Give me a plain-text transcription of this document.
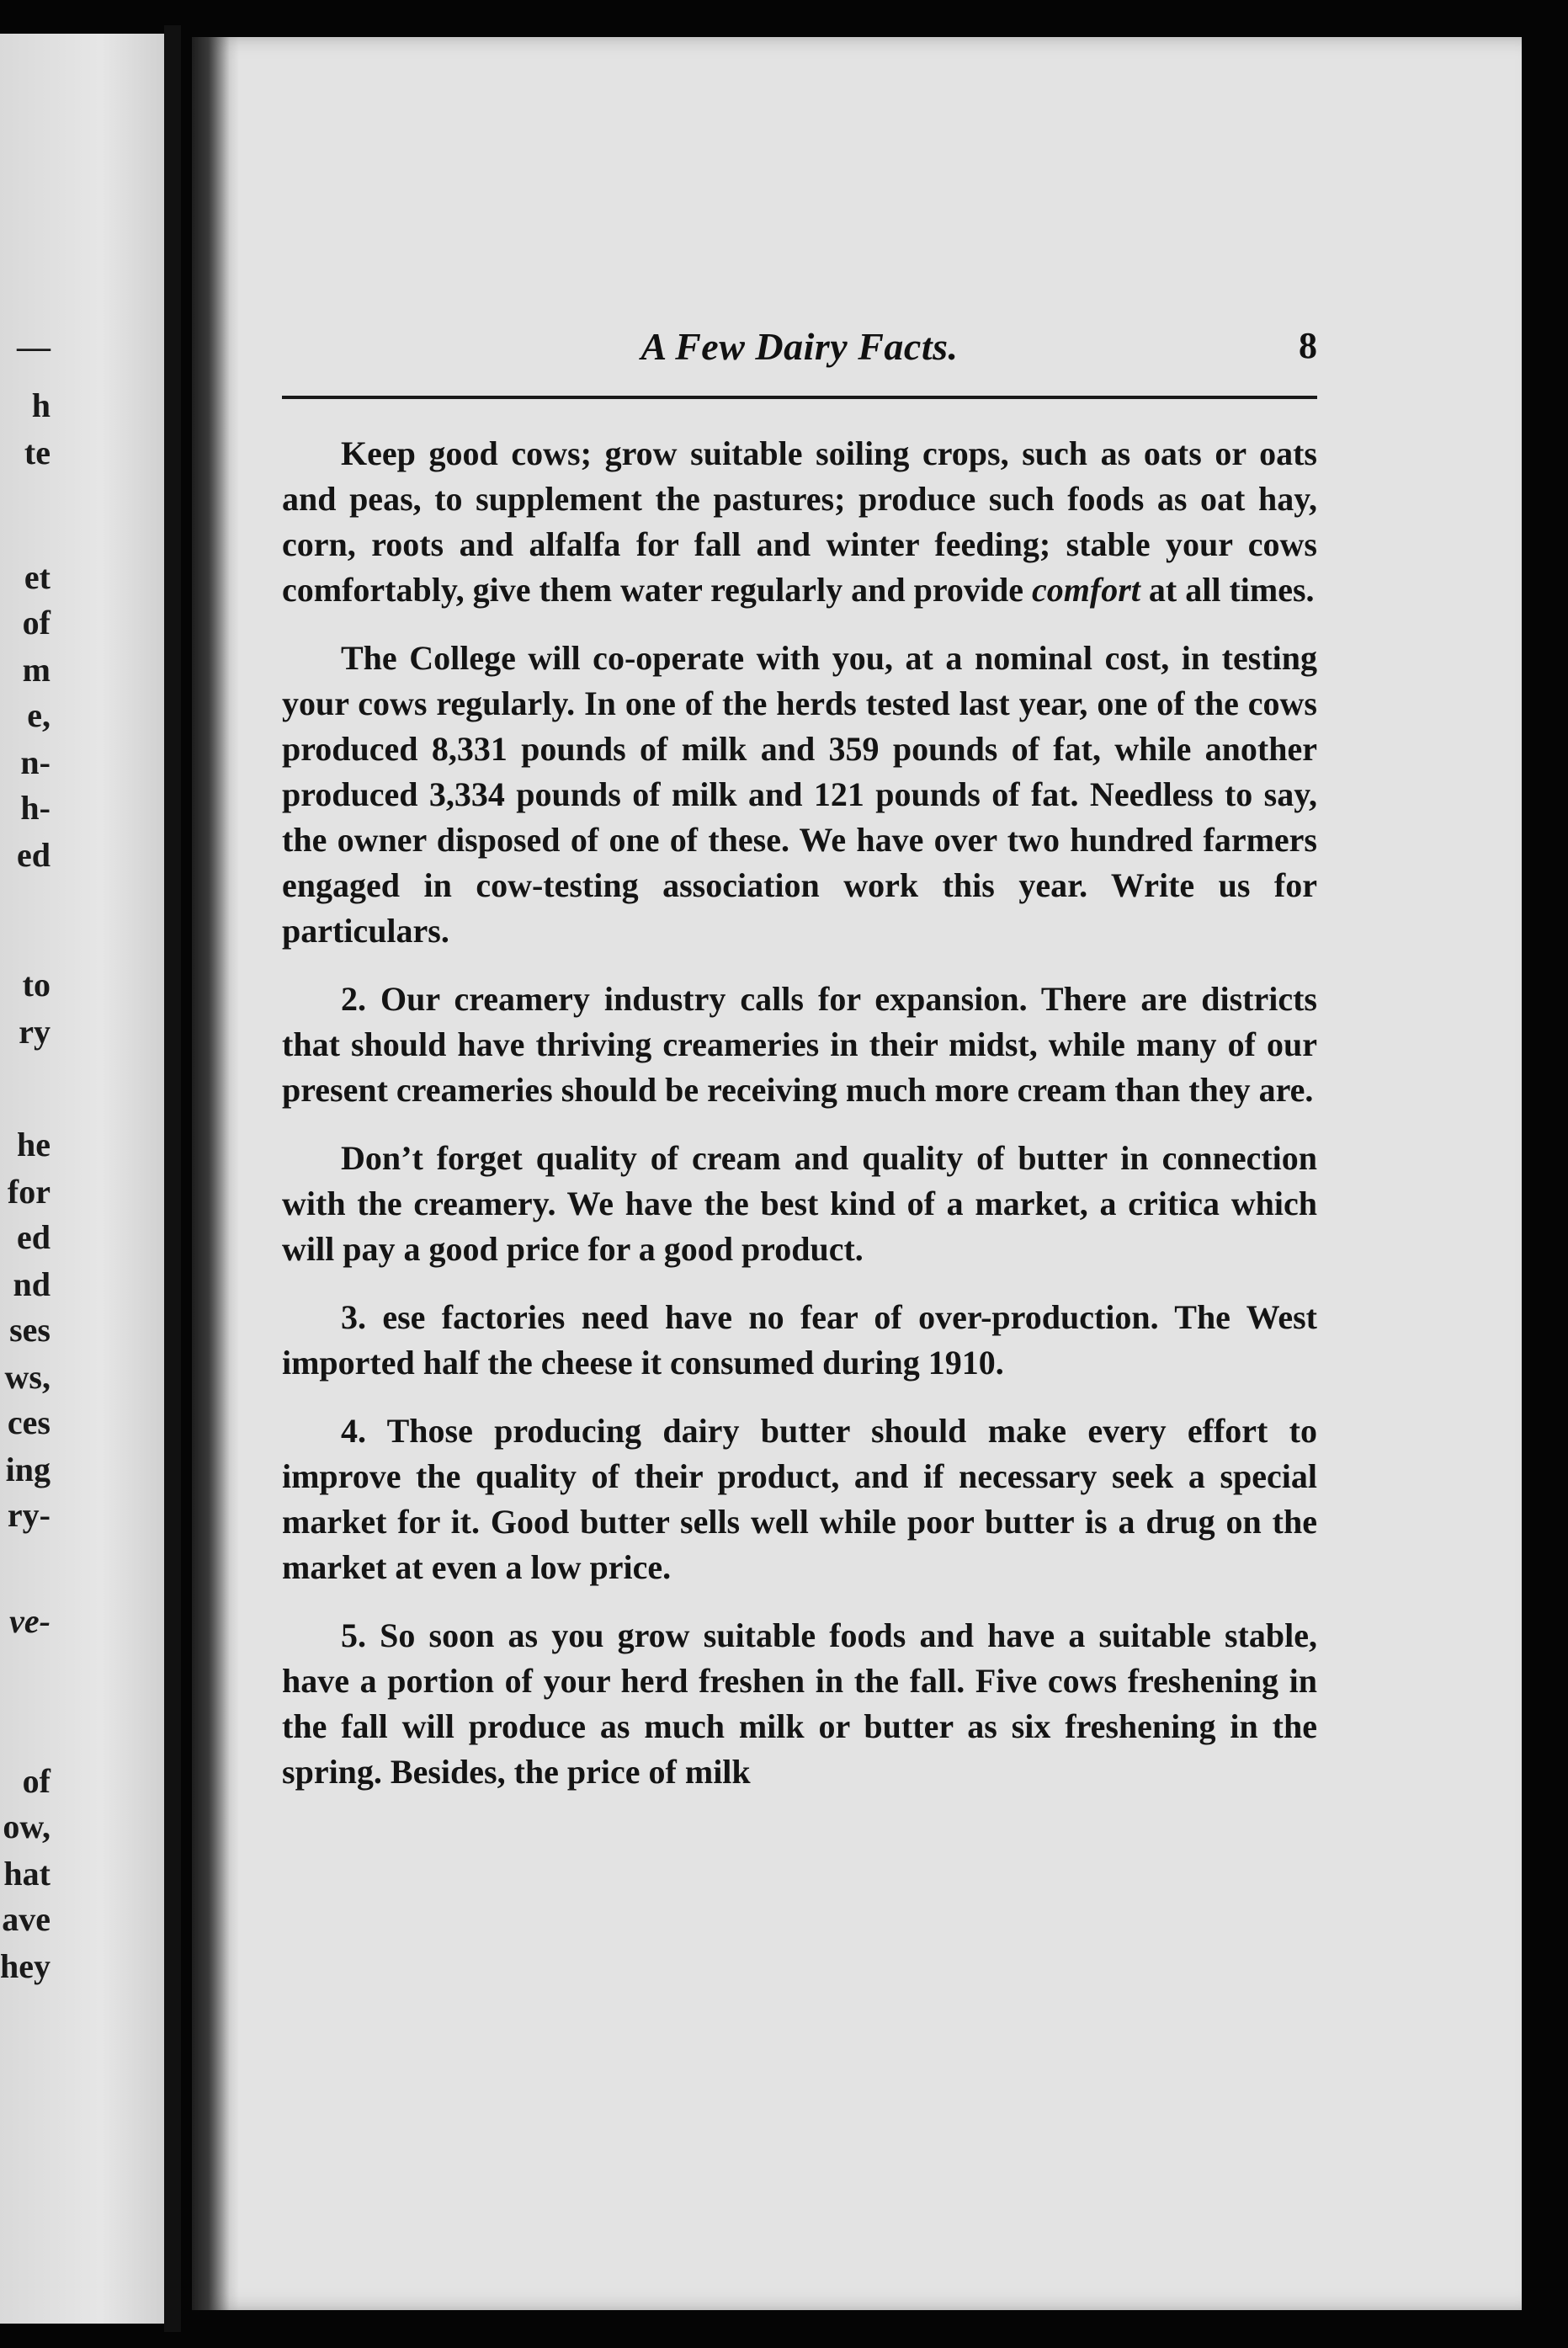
—
h
te
et
of
m
e,
n-
h-
ed
to
ry
he
for
ed
nd
ses
ws,
ces
ing
ry-
ve-
of
ow,
hat
ave
hey
A Few Dairy Facts.	8

Keep good cows; grow suitable soiling crops, such as oats or oats and peas, to supplement the pastures; produce such foods as oat hay, corn, roots and alfalfa for fall and winter feeding; stable your cows comfortably, give them water regularly and provide comfort at all times.

The College will co-operate with you, at a nominal cost, in testing your cows regularly. In one of the herds tested last year, one of the cows produced 8,331 pounds of milk and 359 pounds of fat, while another produced 3,334 pounds of milk and 121 pounds of fat. Needless to say, the owner disposed of one of these. We have over two hundred farmers engaged in cow-testing association work this year. Write us for particulars.

2. Our creamery industry calls for expansion. There are districts that should have thriving creameries in their midst, while many of our present creameries should be receiving much more cream than they are.

Don’t forget quality of cream and quality of butter in connection with the creamery. We have the best kind of a market, a critica which will pay a good price for a good product.

3. ese factories need have no fear of over-production. The West imported half the cheese it consumed during 1910.

4. Those producing dairy butter should make every effort to improve the quality of their product, and if necessary seek a special market for it. Good butter sells well while poor butter is a drug on the market at even a low price.

5. So soon as you grow suitable foods and have a suitable stable, have a portion of your herd freshen in the fall. Five cows freshening in the fall will produce as much milk or butter as six freshening in the spring. Besides, the price of milk
